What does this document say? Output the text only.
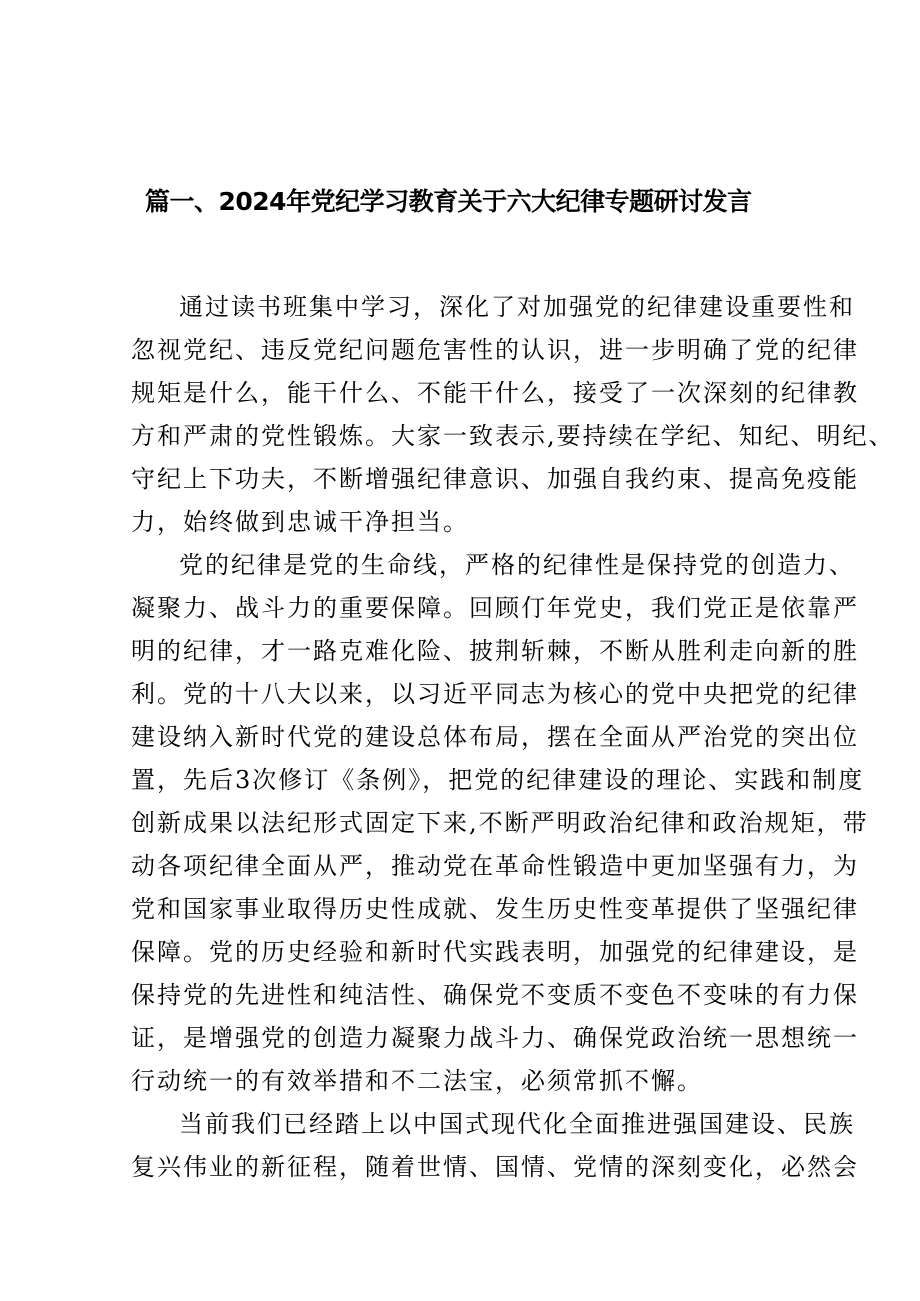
篇一、2024年党纪学习教育关于六大纪律专题研讨发言
通过读书班集中学习，深化了对加强党的纪律建设重要性和
忽视党纪、违反党纪问题危害性的认识，进一步明确了党的纪律
规矩是什么，能干什么、不能干什么，接受了一次深刻的纪律教
方和严肃的党性锻炼。大家一致表示,要持续在学纪、知纪、明纪、
守纪上下功夫，不断增强纪律意识、加强自我约束、提高免疫能
力，始终做到忠诚干净担当。
党的纪律是党的生命线，严格的纪律性是保持党的创造力、
凝聚力、战斗力的重要保障。回顾仃年党史，我们党正是依靠严
明的纪律，才一路克难化险、披荆斩棘，不断从胜利走向新的胜
利。党的十八大以来，以习近平同志为核心的党中央把党的纪律
建设纳入新时代党的建设总体布局，摆在全面从严治党的突出位
置，先后3次修订《条例》，把党的纪律建设的理论、实践和制度
创新成果以法纪形式固定下来,不断严明政治纪律和政治规矩，带
动各项纪律全面从严，推动党在革命性锻造中更加坚强有力，为
党和国家事业取得历史性成就、发生历史性变革提供了坚强纪律
保障。党的历史经验和新时代实践表明，加强党的纪律建设，是
保持党的先进性和纯洁性、确保党不变质不变色不变味的有力保
证，是增强党的创造力凝聚力战斗力、确保党政治统一思想统一
行动统一的有效举措和不二法宝，必须常抓不懈。
当前我们已经踏上以中国式现代化全面推进强国建设、民族
复兴伟业的新征程，随着世情、国情、党情的深刻变化，必然会
